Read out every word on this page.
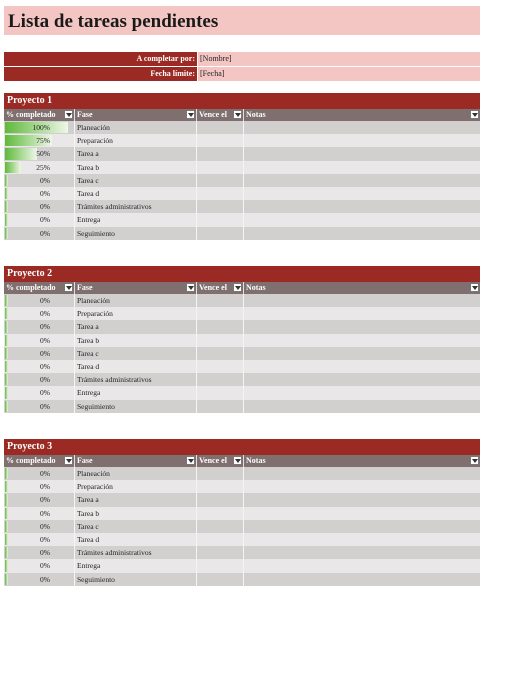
Lista de tareas pendientes
A completar por: [Nombre]
Fecha límite: [Fecha]
Proyecto 1
% completado	Fase	Vence el	Notas
100%	Planeación
75%	Preparación
50%	Tarea a
25%	Tarea b
0%	Tarea c
0%	Tarea d
0%	Trámites administrativos
0%	Entrega
0%	Seguimiento
Proyecto 2
% completado	Fase	Vence el	Notas
0%	Planeación
0%	Preparación
0%	Tarea a
0%	Tarea b
0%	Tarea c
0%	Tarea d
0%	Trámites administrativos
0%	Entrega
0%	Seguimiento
Proyecto 3
% completado	Fase	Vence el	Notas
0%	Planeación
0%	Preparación
0%	Tarea a
0%	Tarea b
0%	Tarea c
0%	Tarea d
0%	Trámites administrativos
0%	Entrega
0%	Seguimiento
